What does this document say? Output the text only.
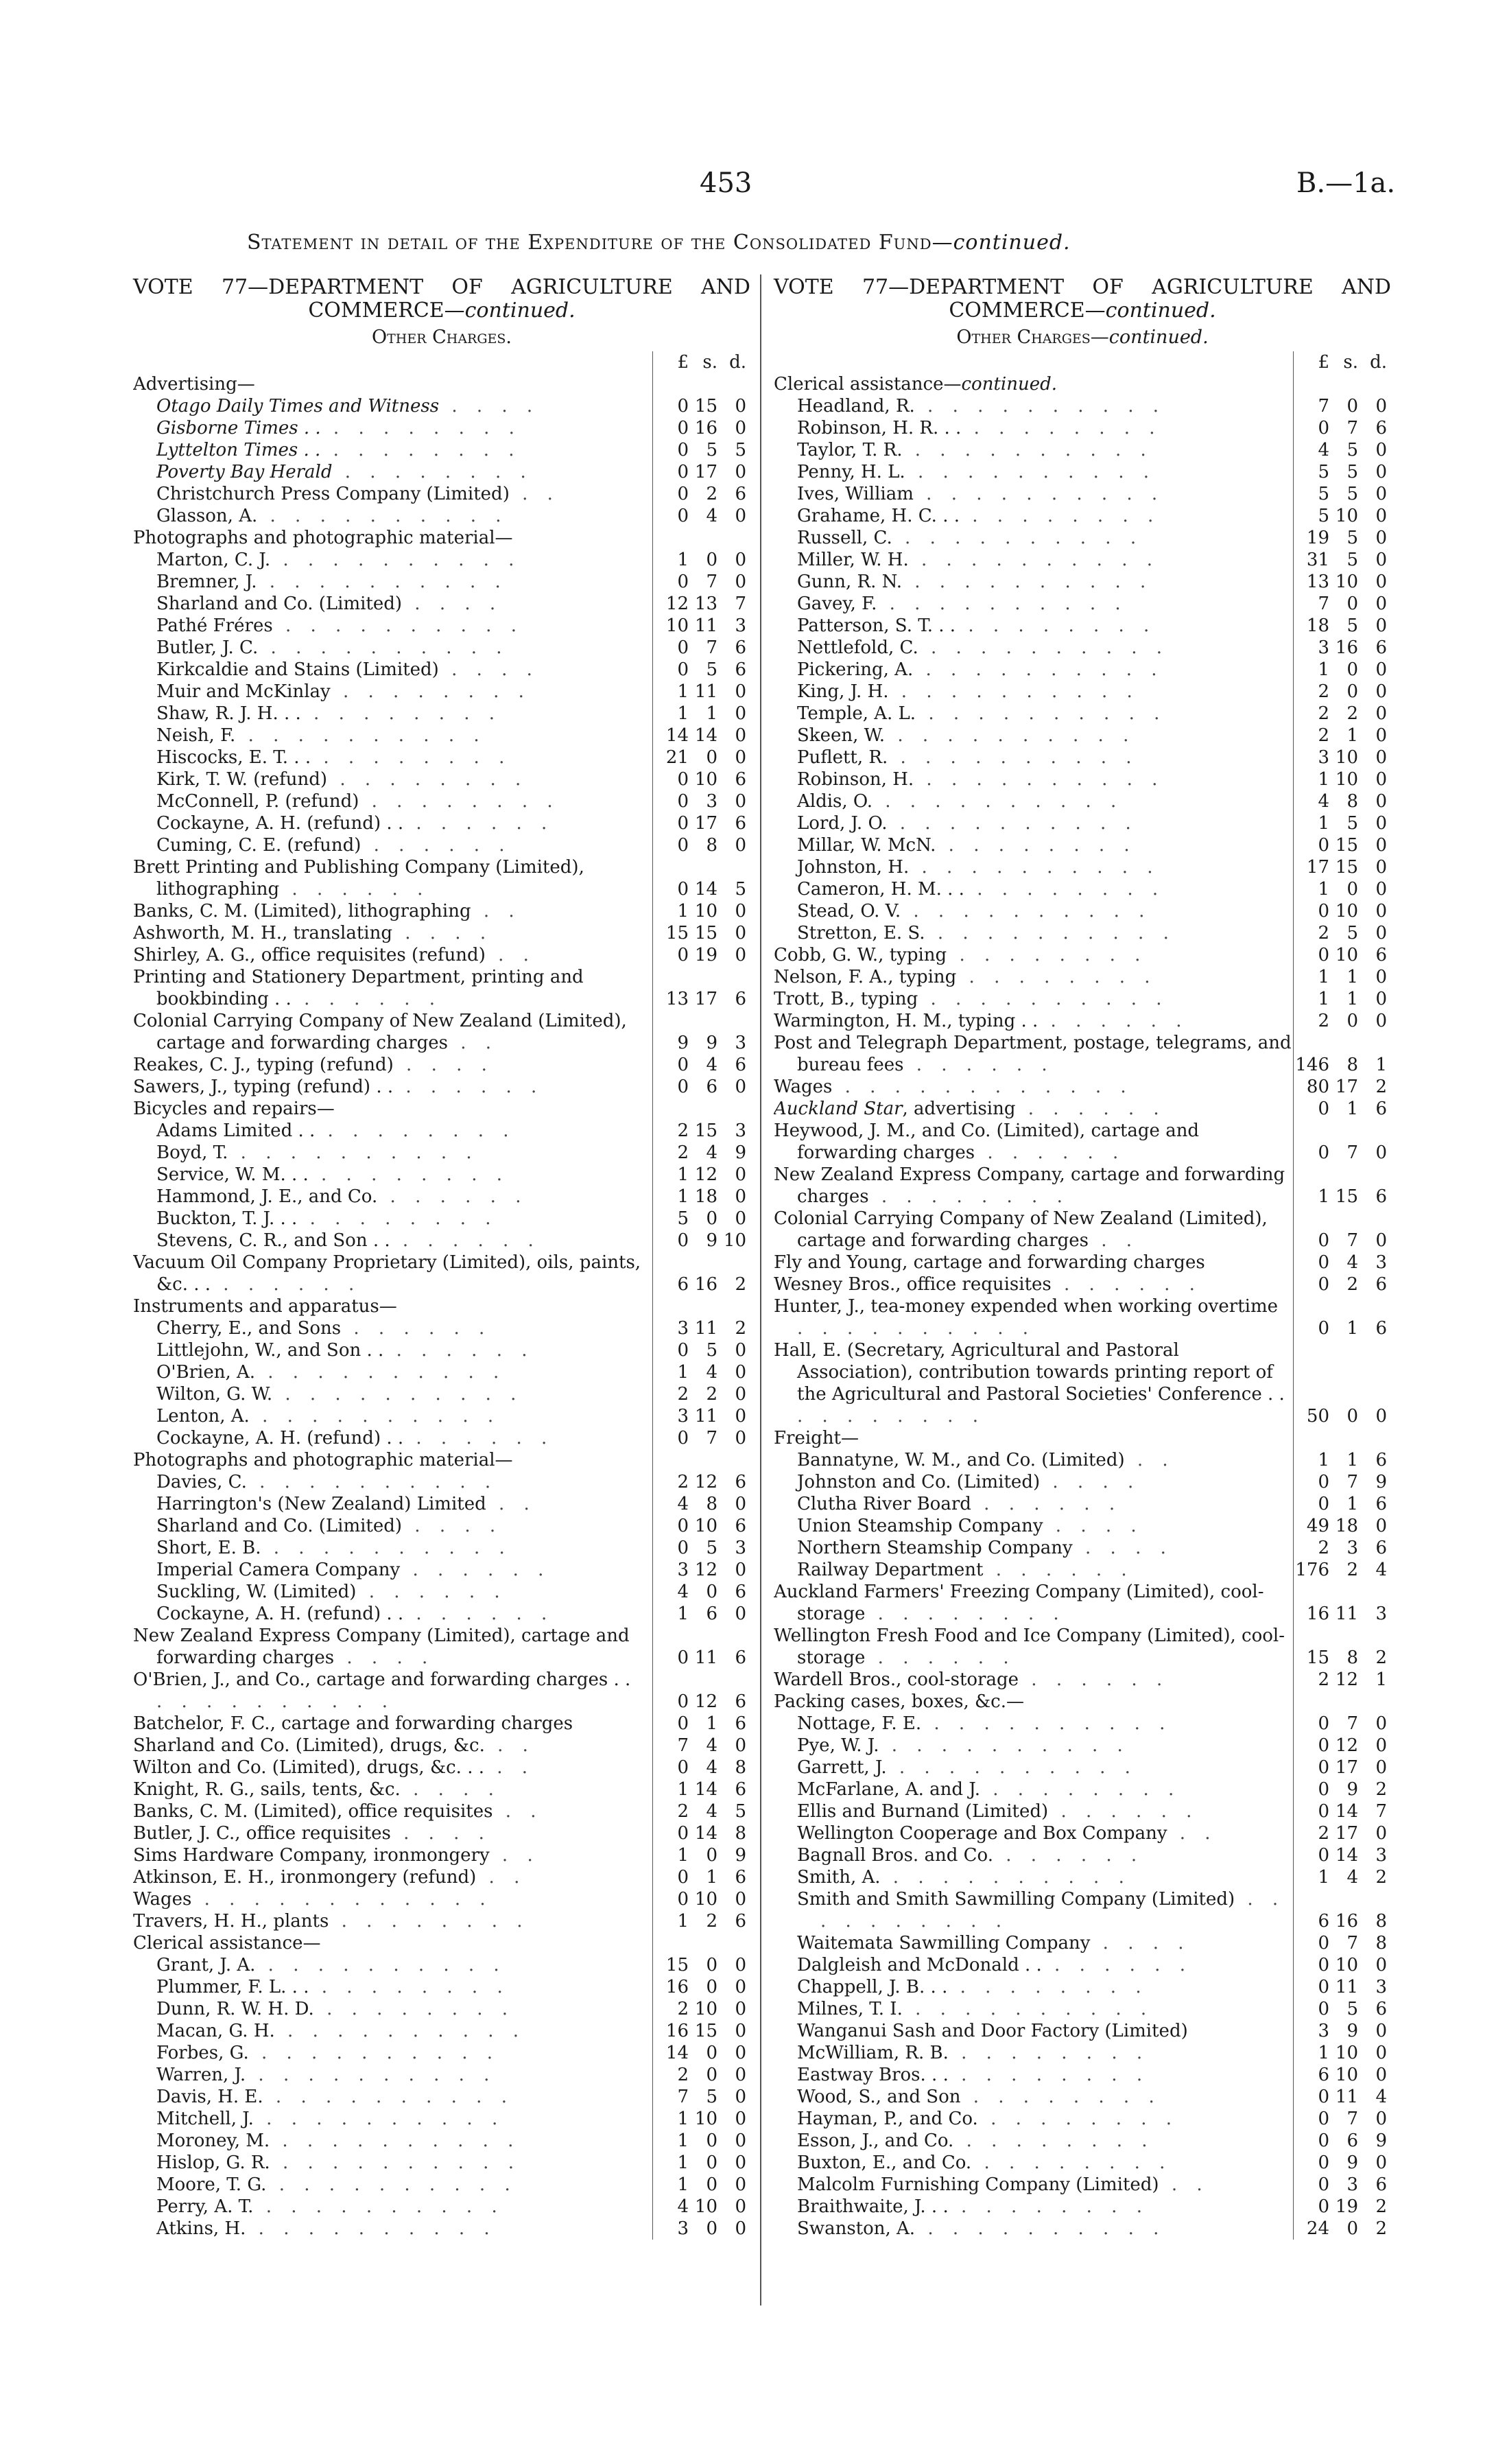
453	B.—1a.
Statement in detail of the Expenditure of the Consolidated Fund—continued.
VOTE 77—DEPARTMENT OF AGRICULTURE AND
COMMERCE—continued.
Other Charges.
£ s. d.
Advertising—
Otago Daily Times and Witness . . . .	0 15 0
Gisborne Times . . . . . . . . . .	0 16 0
Lyttelton Times . . . . . . . . . .	0 5 5
Poverty Bay Herald . . . . . . . .	0 17 0
Christchurch Press Company (Limited) . .	0 2 6
Glasson, A. . . . . . . . . . .	0 4 0
Photographs and photographic material—
Marton, C. J. . . . . . . . . . .	1 0 0
Bremner, J. . . . . . . . . . .	0 7 0
Sharland and Co. (Limited) . . . .	12 13 7
Pathé Fréres . . . . . . . . . .	10 11 3
Butler, J. C. . . . . . . . . . .	0 7 6
Kirkcaldie and Stains (Limited) . . . .	0 5 6
Muir and McKinlay . . . . . . . .	1 11 0
Shaw, R. J. H. . . . . . . . . . .	1 1 0
Neish, F. . . . . . . . . . .	14 14 0
Hiscocks, E. T. . . . . . . . . . .	21 0 0
Kirk, T. W. (refund) . . . . . . . .	0 10 6
McConnell, P. (refund) . . . . . . . .	0 3 0
Cockayne, A. H. (refund) . . . . . . . .	0 17 6
Cuming, C. E. (refund) . . . . . .	0 8 0
Brett Printing and Publishing Company (Limited), lithographing . . . . . .	0 14 5
Banks, C. M. (Limited), lithographing . .	1 10 0
Ashworth, M. H., translating . . . .	15 15 0
Shirley, A. G., office requisites (refund) . .	0 19 0
Printing and Stationery Department, printing and bookbinding . . . . . . . .	13 17 6
Colonial Carrying Company of New Zealand (Limited), cartage and forwarding charges . .	9 9 3
Reakes, C. J., typing (refund) . . . .	0 4 6
Sawers, J., typing (refund) . . . . . . . .	0 6 0
Bicycles and repairs—
Adams Limited . . . . . . . . . .	2 15 3
Boyd, T. . . . . . . . . . .	2 4 9
Service, W. M. . . . . . . . . . .	1 12 0
Hammond, J. E., and Co. . . . . . .	1 18 0
Buckton, T. J. . . . . . . . . . .	5 0 0
Stevens, C. R., and Son . . . . . . . .	0 9 10
Vacuum Oil Company Proprietary (Limited), oils, paints, &c. . . . . . . . .	6 16 2
Instruments and apparatus—
Cherry, E., and Sons . . . . . .	3 11 2
Littlejohn, W., and Son . . . . . . . .	0 5 0
O'Brien, A. . . . . . . . . . .	1 4 0
Wilton, G. W. . . . . . . . . . .	2 2 0
Lenton, A. . . . . . . . . . .	3 11 0
Cockayne, A. H. (refund) . . . . . . . .	0 7 0
Photographs and photographic material—
Davies, C. . . . . . . . . . .	2 12 6
Harrington's (New Zealand) Limited . .	4 8 0
Sharland and Co. (Limited) . . . .	0 10 6
Short, E. B. . . . . . . . . . .	0 5 3
Imperial Camera Company . . . . . .	3 12 0
Suckling, W. (Limited) . . . . . .	4 0 6
Cockayne, A. H. (refund) . . . . . . . .	1 6 0
New Zealand Express Company (Limited), cartage and forwarding charges . . . .	0 11 6
O'Brien, J., and Co., cartage and forwarding charges . . . . . . . . . . . .	0 12 6
Batchelor, F. C., cartage and forwarding charges	0 1 6
Sharland and Co. (Limited), drugs, &c. . .	7 4 0
Wilton and Co. (Limited), drugs, &c. . . . .	0 4 8
Knight, R. G., sails, tents, &c. . . . .	1 14 6
Banks, C. M. (Limited), office requisites . .	2 4 5
Butler, J. C., office requisites . . . .	0 14 8
Sims Hardware Company, ironmongery . .	1 0 9
Atkinson, E. H., ironmongery (refund) . .	0 1 6
Wages . . . . . . . . . . . .	0 10 0
Travers, H. H., plants . . . . . . . .	1 2 6
Clerical assistance—
Grant, J. A. . . . . . . . . . .	15 0 0
Plummer, F. L. . . . . . . . . . .	16 0 0
Dunn, R. W. H. D. . . . . . . . .	2 10 0
Macan, G. H. . . . . . . . . . .	16 15 0
Forbes, G. . . . . . . . . . .	14 0 0
Warren, J. . . . . . . . . . .	2 0 0
Davis, H. E. . . . . . . . . . .	7 5 0
Mitchell, J. . . . . . . . . . .	1 10 0
Moroney, M. . . . . . . . . . .	1 0 0
Hislop, G. R. . . . . . . . . . .	1 0 0
Moore, T. G. . . . . . . . . . .	1 0 0
Perry, A. T. . . . . . . . . . .	4 10 0
Atkins, H. . . . . . . . . . .	3 0 0
VOTE 77—DEPARTMENT OF AGRICULTURE AND
COMMERCE—continued.
Other Charges—continued.
£ s. d.
Clerical assistance—continued.
Headland, R. . . . . . . . . . .	7 0 0
Robinson, H. R. . . . . . . . . . .	0 7 6
Taylor, T. R. . . . . . . . . . .	4 5 0
Penny, H. L. . . . . . . . . . .	5 5 0
Ives, William . . . . . . . . . .	5 5 0
Grahame, H. C. . . . . . . . . . .	5 10 0
Russell, C. . . . . . . . . . .	19 5 0
Miller, W. H. . . . . . . . . . .	31 5 0
Gunn, R. N. . . . . . . . . . .	13 10 0
Gavey, F. . . . . . . . . . .	7 0 0
Patterson, S. T. . . . . . . . . . .	18 5 0
Nettlefold, C. . . . . . . . . . .	3 16 6
Pickering, A. . . . . . . . . . .	1 0 0
King, J. H. . . . . . . . . . .	2 0 0
Temple, A. L. . . . . . . . . . .	2 2 0
Skeen, W. . . . . . . . . . .	2 1 0
Puflett, R. . . . . . . . . . .	3 10 0
Robinson, H. . . . . . . . . . .	1 10 0
Aldis, O. . . . . . . . . . .	4 8 0
Lord, J. O. . . . . . . . . . .	1 5 0
Millar, W. McN. . . . . . . . .	0 15 0
Johnston, H. . . . . . . . . . .	17 15 0
Cameron, H. M. . . . . . . . . . .	1 0 0
Stead, O. V. . . . . . . . . . .	0 10 0
Stretton, E. S. . . . . . . . . . .	2 5 0
Cobb, G. W., typing . . . . . . . .	0 10 6
Nelson, F. A., typing . . . . . . . .	1 1 0
Trott, B., typing . . . . . . . . . .	1 1 0
Warmington, H. M., typing . . . . . . . .	2 0 0
Post and Telegraph Department, postage, telegrams, and bureau fees . . . . . .	146 8 1
Wages . . . . . . . . . . . .	80 17 2
Auckland Star, advertising . . . . . .	0 1 6
Heywood, J. M., and Co. (Limited), cartage and forwarding charges . . . . . .	0 7 0
New Zealand Express Company, cartage and forwarding charges . . . . . . . .	1 15 6
Colonial Carrying Company of New Zealand (Limited), cartage and forwarding charges . .	0 7 0
Fly and Young, cartage and forwarding charges	0 4 3
Wesney Bros., office requisites . . . . . .	0 2 6
Hunter, J., tea-money expended when working overtime . . . . . . . . . .	0 1 6
Hall, E. (Secretary, Agricultural and Pastoral Association), contribution towards printing report of the Agricultural and Pastoral Societies' Conference . . . . . . . . . .	50 0 0
Freight—
Bannatyne, W. M., and Co. (Limited) . .	1 1 6
Johnston and Co. (Limited) . . . .	0 7 9
Clutha River Board . . . . . .	0 1 6
Union Steamship Company . . . .	49 18 0
Northern Steamship Company . . . .	2 3 6
Railway Department . . . . . .	176 2 4
Auckland Farmers' Freezing Company (Limited), cool-storage . . . . . . . .	16 11 3
Wellington Fresh Food and Ice Company (Limited), cool-storage . . . . . .	15 8 2
Wardell Bros., cool-storage . . . . . .	2 12 1
Packing cases, boxes, &c.—
Nottage, F. E. . . . . . . . . . .	0 7 0
Pye, W. J. . . . . . . . . . .	0 12 0
Garrett, J. . . . . . . . . . .	0 17 0
McFarlane, A. and J. . . . . . . . .	0 9 2
Ellis and Burnand (Limited) . . . . . .	0 14 7
Wellington Cooperage and Box Company . .	2 17 0
Bagnall Bros. and Co. . . . . . .	0 14 3
Smith, A. . . . . . . . . . .	1 4 2
Smith and Smith Sawmilling Company (Limited) . . . . . . . . . .	6 16 8
Waitemata Sawmilling Company . . . .	0 7 8
Dalgleish and McDonald . . . . . . . .	0 10 0
Chappell, J. B. . . . . . . . . . .	0 11 3
Milnes, T. I. . . . . . . . . . .	0 5 6
Wanganui Sash and Door Factory (Limited)	3 9 0
McWilliam, R. B. . . . . . . . .	1 10 0
Eastway Bros. . . . . . . . . . .	6 10 0
Wood, S., and Son . . . . . . . .	0 11 4
Hayman, P., and Co. . . . . . . . .	0 7 0
Esson, J., and Co. . . . . . . . .	0 6 9
Buxton, E., and Co. . . . . . . . .	0 9 0
Malcolm Furnishing Company (Limited) . .	0 3 6
Braithwaite, J. . . . . . . . . . .	0 19 2
Swanston, A. . . . . . . . . . .	24 0 2
